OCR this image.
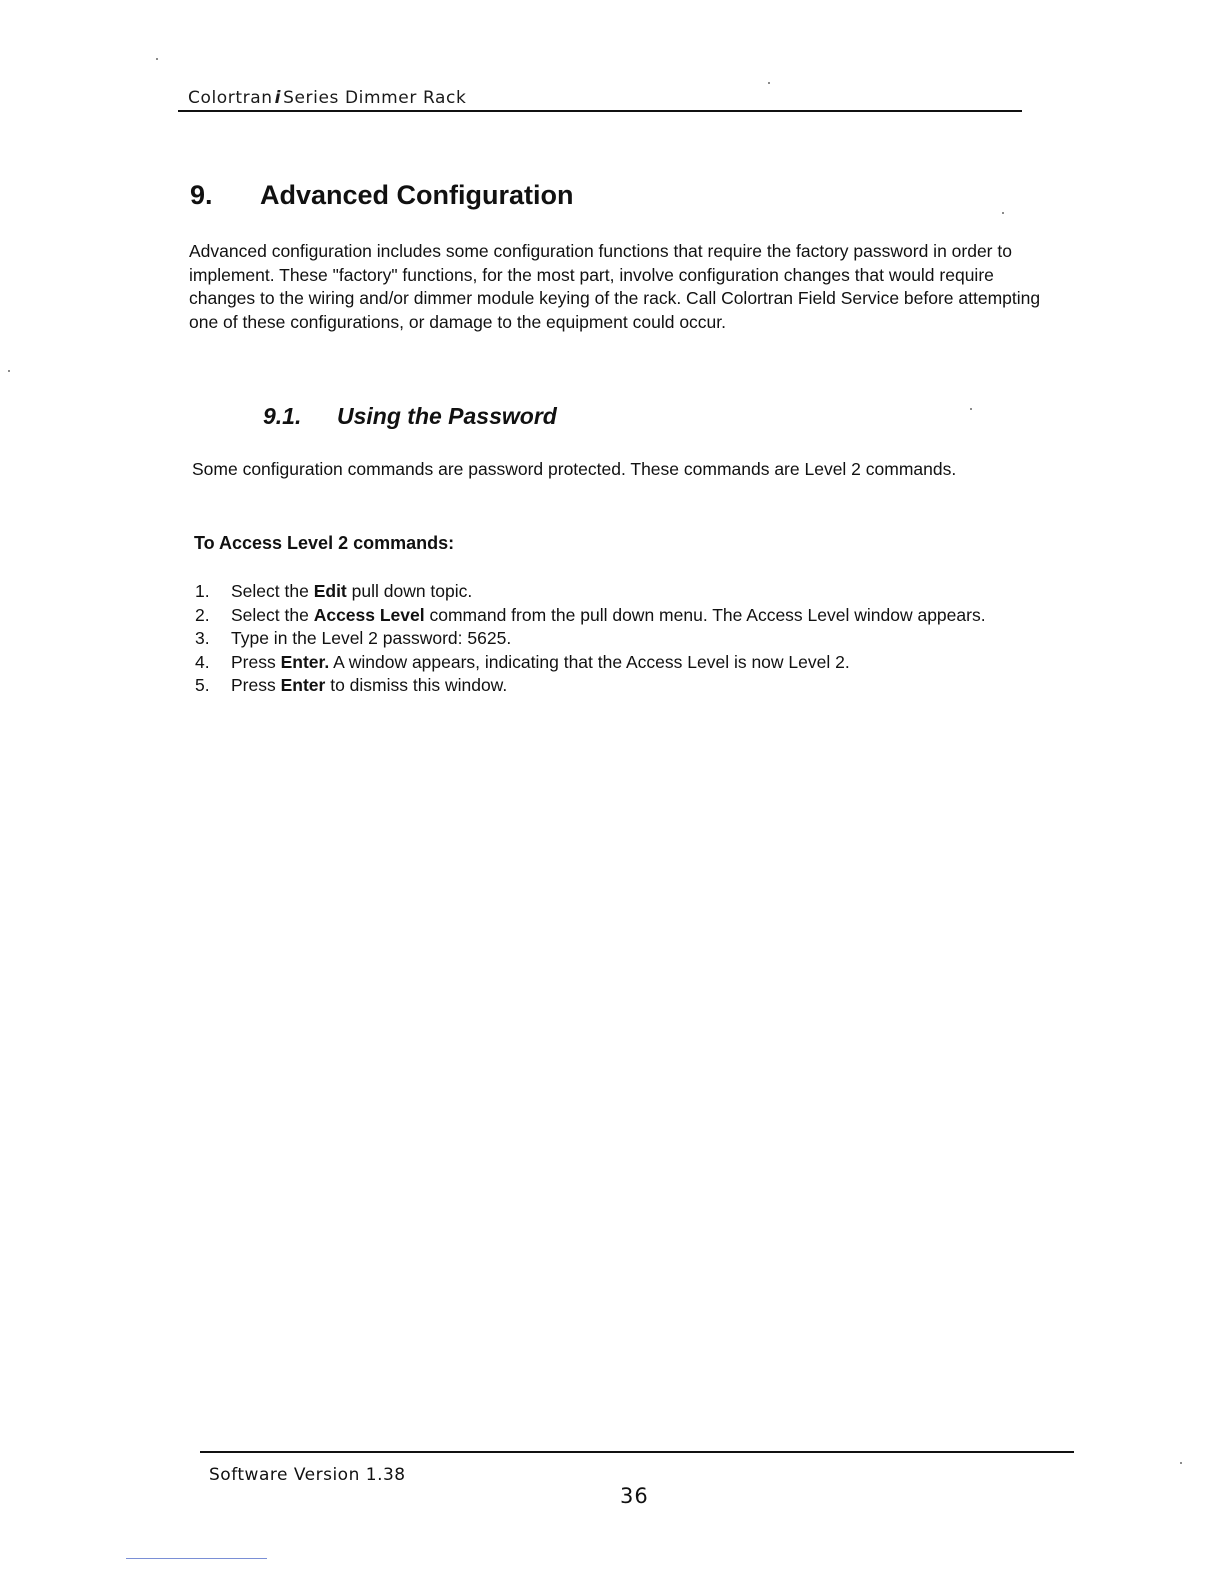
Colortran i Series Dimmer Rack
9. Advanced Configuration
Advanced configuration includes some configuration functions that require the factory password in order to implement. These "factory" functions, for the most part, involve configuration changes that would require changes to the wiring and/or dimmer module keying of the rack. Call Colortran Field Service before attempting one of these configurations, or damage to the equipment could occur.
9.1. Using the Password
Some configuration commands are password protected. These commands are Level 2 commands.
To Access Level 2 commands:
1.	Select the Edit pull down topic.
2.	Select the Access Level command from the pull down menu. The Access Level window appears.
3.	Type in the Level 2 password: 5625.
4.	Press Enter. A window appears, indicating that the Access Level is now Level 2.
5.	Press Enter to dismiss this window.
Software Version 1.38
36
